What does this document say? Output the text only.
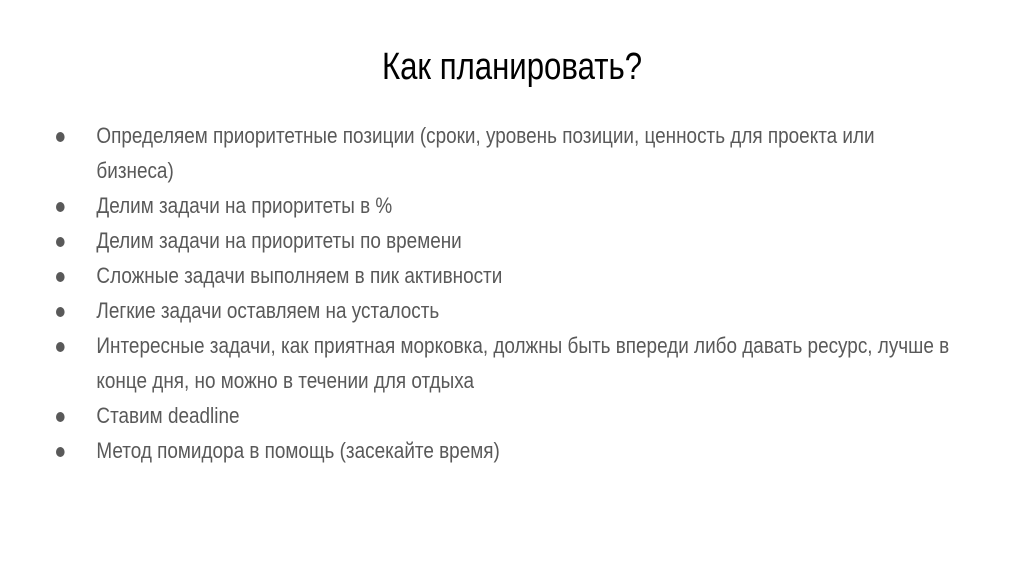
Как планировать?
Определяем приоритетные позиции (сроки, уровень позиции, ценность для проекта или бизнеса)
Делим задачи на приоритеты в %
Делим задачи на приоритеты по времени
Сложные задачи выполняем в пик активности
Легкие задачи оставляем на усталость
Интересные задачи, как приятная морковка, должны быть впереди либо давать ресурс, лучше в конце дня, но можно в течении для отдыха
Ставим deadline
Метод помидора в помощь (засекайте время)
